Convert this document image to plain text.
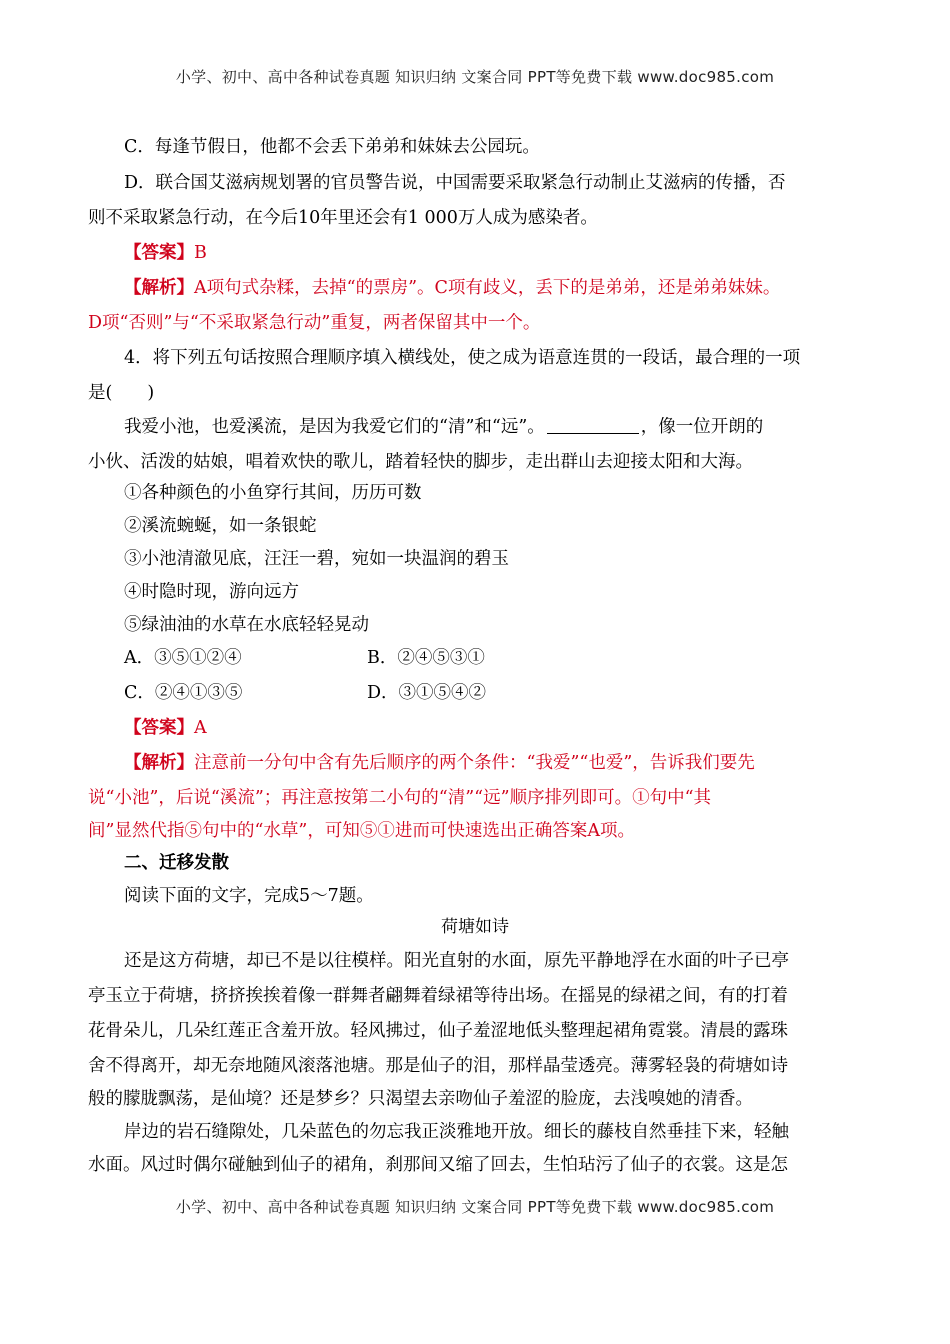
小学、初中、高中各种试卷真题 知识归纳 文案合同 PPT等免费下载 www.doc985.com
C．每逢节假日，他都不会丢下弟弟和妹妹去公园玩。
D．联合国艾滋病规划署的官员警告说，中国需要采取紧急行动制止艾滋病的传播，否
则不采取紧急行动，在今后10年里还会有1 000万人成为感染者。
【答案】B
【解析】A项句式杂糅，去掉“的票房”。C项有歧义，丢下的是弟弟，还是弟弟妹妹。
D项“否则”与“不采取紧急行动”重复，两者保留其中一个。
4．将下列五句话按照合理顺序填入横线处，使之成为语意连贯的一段话，最合理的一项
是(　　)
我爱小池，也爱溪流，是因为我爱它们的“清”和“远”。	，像一位开朗的
小伙、活泼的姑娘，唱着欢快的歌儿，踏着轻快的脚步，走出群山去迎接太阳和大海。
①各种颜色的小鱼穿行其间，历历可数
②溪流蜿蜒，如一条银蛇
③小池清澈见底，汪汪一碧，宛如一块温润的碧玉
④时隐时现，游向远方
⑤绿油油的水草在水底轻轻晃动
A．③⑤①②④	B．②④⑤③①
C．②④①③⑤	D．③①⑤④②
【答案】A
【解析】注意前一分句中含有先后顺序的两个条件：“我爱”“也爱”，告诉我们要先
说“小池”，后说“溪流”；再注意按第二小句的“清”“远”顺序排列即可。①句中“其
间”显然代指⑤句中的“水草”，可知⑤①进而可快速选出正确答案A项。
二、迁移发散
阅读下面的文字，完成5～7题。
荷塘如诗
还是这方荷塘，却已不是以往模样。阳光直射的水面，原先平静地浮在水面的叶子已亭
亭玉立于荷塘，挤挤挨挨着像一群舞者翩舞着绿裙等待出场。在摇晃的绿裙之间，有的打着
花骨朵儿，几朵红莲正含羞开放。轻风拂过，仙子羞涩地低头整理起裙角霓裳。清晨的露珠
舍不得离开，却无奈地随风滚落池塘。那是仙子的泪，那样晶莹透亮。薄雾轻袅的荷塘如诗
般的朦胧飘荡，是仙境？还是梦乡？只渴望去亲吻仙子羞涩的脸庞，去浅嗅她的清香。
岸边的岩石缝隙处，几朵蓝色的勿忘我正淡雅地开放。细长的藤枝自然垂挂下来，轻触
水面。风过时偶尔碰触到仙子的裙角，刹那间又缩了回去，生怕玷污了仙子的衣裳。这是怎
小学、初中、高中各种试卷真题 知识归纳 文案合同 PPT等免费下载 www.doc985.com
